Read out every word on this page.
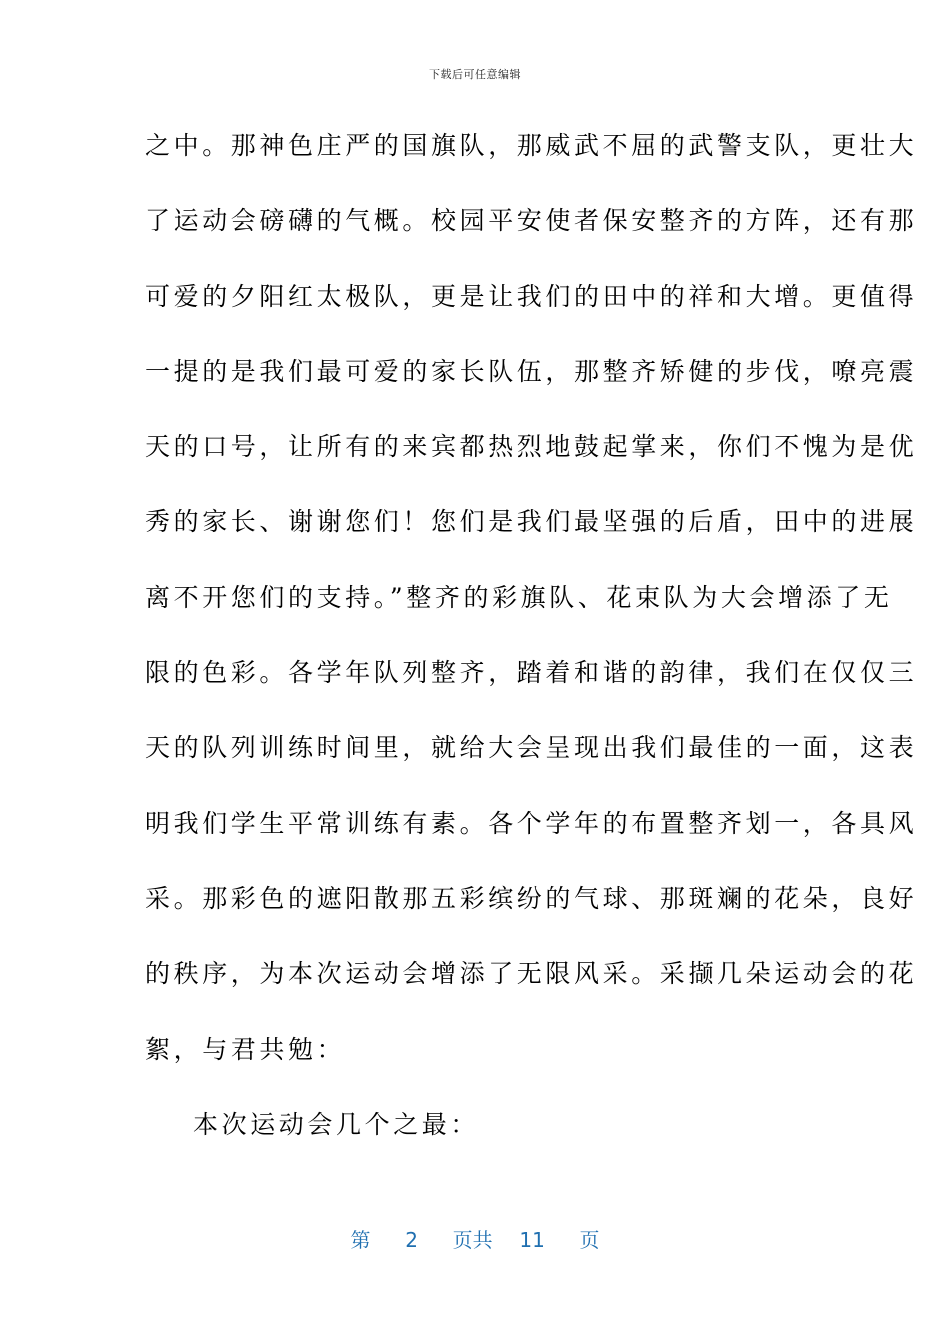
下载后可任意编辑
之中。那神色庄严的国旗队，那威武不屈的武警支队，更壮大
了运动会磅礴的气概。校园平安使者保安整齐的方阵，还有那
可爱的夕阳红太极队，更是让我们的田中的祥和大增。更值得
一提的是我们最可爱的家长队伍，那整齐矫健的步伐，嘹亮震
天的口号，让所有的来宾都热烈地鼓起掌来，你们不愧为是优
秀的家长、谢谢您们！您们是我们最坚强的后盾，田中的进展
离不开您们的支持。”整齐的彩旗队、花束队为大会增添了无
限的色彩。各学年队列整齐，踏着和谐的韵律，我们在仅仅三
天的队列训练时间里，就给大会呈现出我们最佳的一面，这表
明我们学生平常训练有素。各个学年的布置整齐划一，各具风
采。那彩色的遮阳散那五彩缤纷的气球、那斑斓的花朵，良好
的秩序，为本次运动会增添了无限风采。采撷几朵运动会的花
絮，与君共勉：
本次运动会几个之最：
第 2 页共 11 页
